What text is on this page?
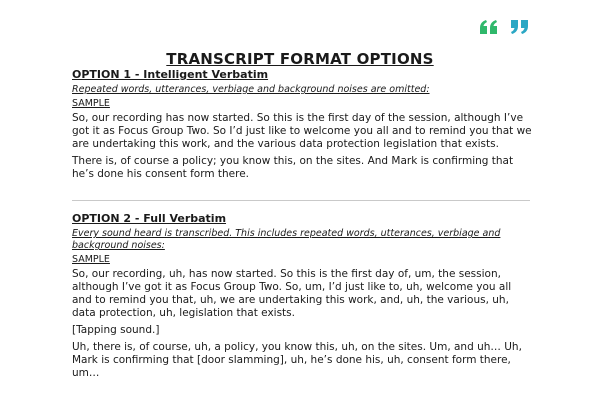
TRANSCRIPT FORMAT OPTIONS
OPTION 1 - Intelligent Verbatim
Repeated words, utterances, verbiage and background noises are omitted:
SAMPLE

So, our recording has now started. So this is the first day of the session, although I’ve got it as Focus Group Two. So I’d just like to welcome you all and to remind you that we are undertaking this work, and the various data protection legislation that exists.

There is, of course a policy; you know this, on the sites. And Mark is confirming that he’s done his consent form there.

OPTION 2 - Full Verbatim
Every sound heard is transcribed. This includes repeated words, utterances, verbiage and background noises:
SAMPLE

So, our recording, uh, has now started. So this is the first day of, um, the session, although I’ve got it as Focus Group Two. So, um, I’d just like to, uh, welcome you all and to remind you that, uh, we are undertaking this work, and, uh, the various, uh, data protection, uh, legislation that exists.

[Tapping sound.]

Uh, there is, of course, uh, a policy, you know this, uh, on the sites. Um, and uh… Uh, Mark is confirming that [door slamming], uh, he’s done his, uh, consent form there, um…
